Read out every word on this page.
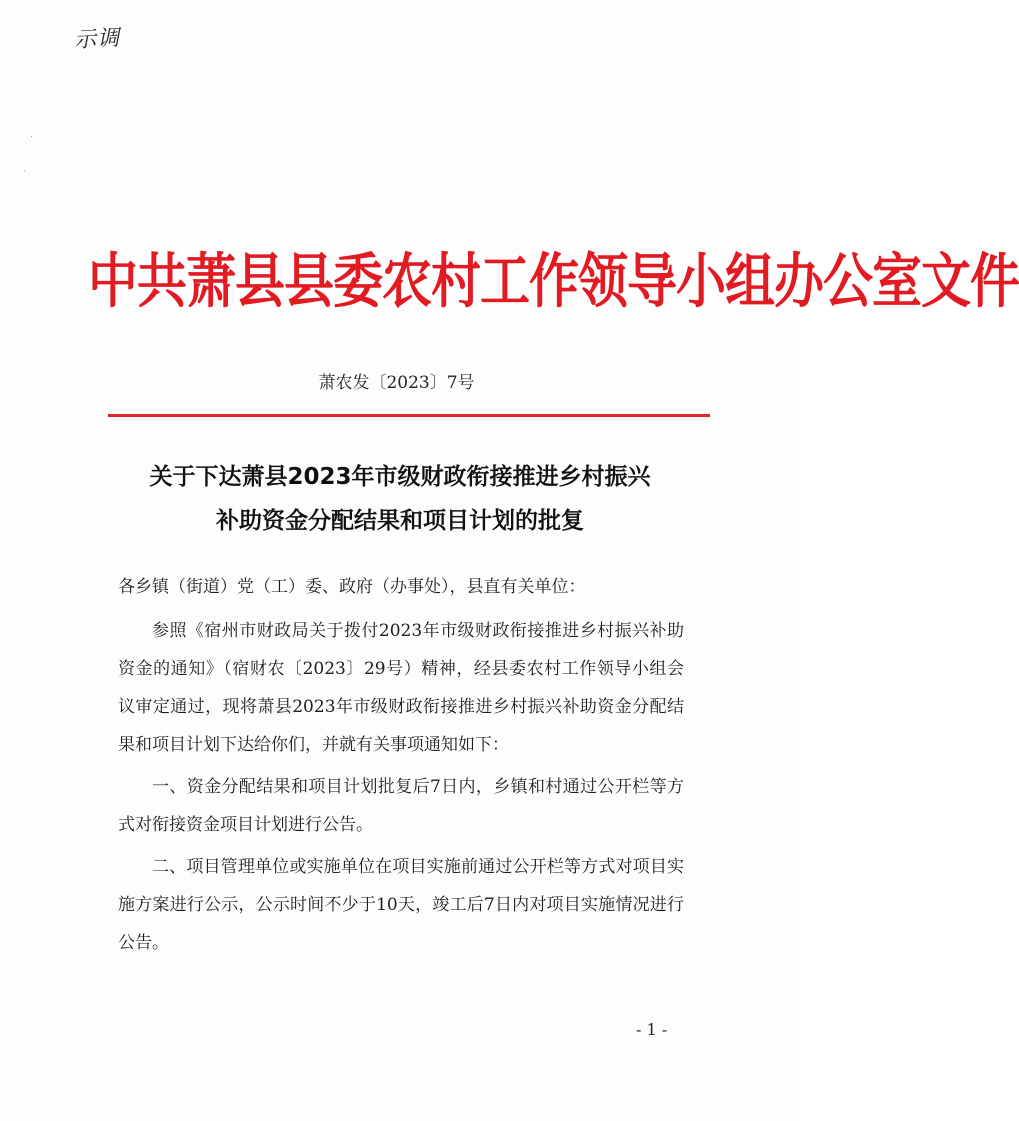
示调
·
˙
中共萧县县委农村工作领导小组办公室文件
萧农发〔2023〕7号
关于下达萧县2023年市级财政衔接推进乡村振兴
补助资金分配结果和项目计划的批复

各乡镇（街道）党（工）委、政府（办事处），县直有关单位：

参照《宿州市财政局关于拨付2023年市级财政衔接推进乡村振兴补助资金的通知》（宿财农〔2023〕29号）精神，经县委农村工作领导小组会议审定通过，现将萧县2023年市级财政衔接推进乡村振兴补助资金分配结果和项目计划下达给你们，并就有关事项通知如下：

一、资金分配结果和项目计划批复后7日内，乡镇和村通过公开栏等方式对衔接资金项目计划进行公告。

二、项目管理单位或实施单位在项目实施前通过公开栏等方式对项目实施方案进行公示，公示时间不少于10天，竣工后7日内对项目实施情况进行公告。

- 1 -
